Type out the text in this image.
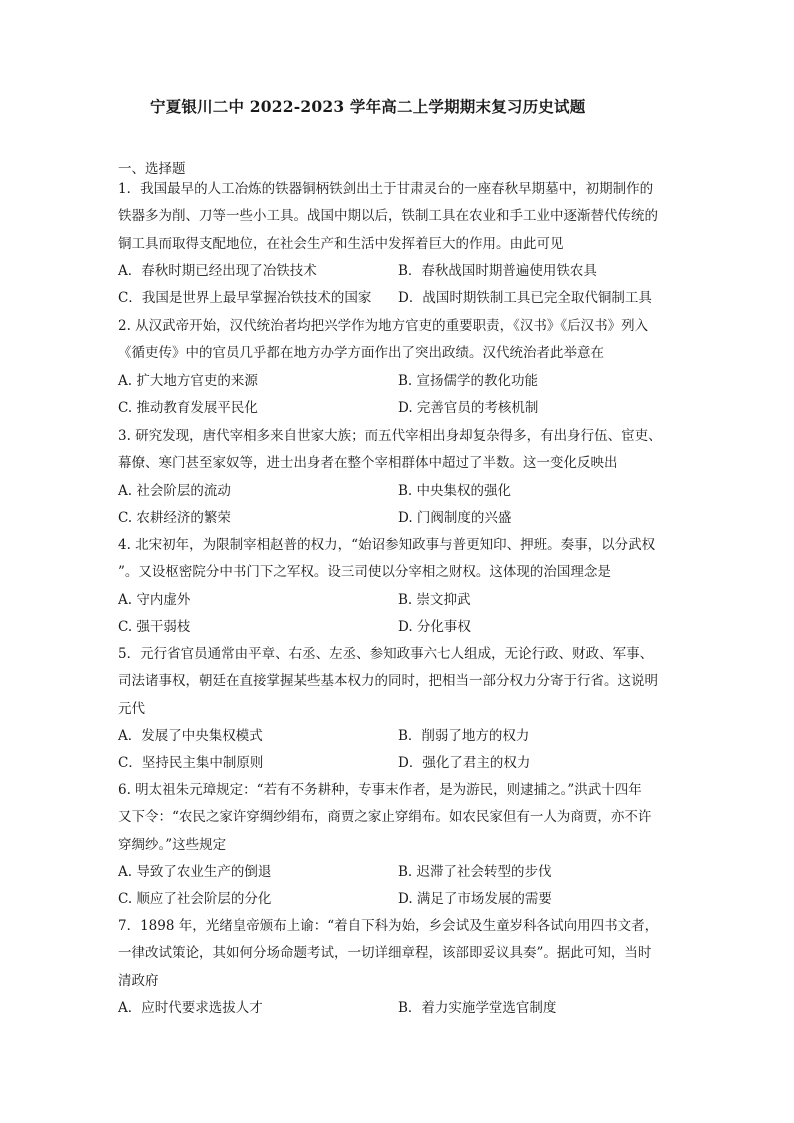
宁夏银川二中 2022-2023 学年高二上学期期末复习历史试题
一、选择题
1．我国最早的人工冶炼的铁器铜柄铁剑出土于甘肃灵台的一座春秋早期墓中，初期制作的
铁器多为削、刀等一些小工具。战国中期以后，铁制工具在农业和手工业中逐渐替代传统的
铜工具而取得支配地位，在社会生产和生活中发挥着巨大的作用。由此可见
A．春秋时期已经出现了冶铁技术	B．春秋战国时期普遍使用铁农具
C．我国是世界上最早掌握冶铁技术的国家	D．战国时期铁制工具已完全取代铜制工具
2. 从汉武帝开始，汉代统治者均把兴学作为地方官吏的重要职责，《汉书》《后汉书》列入
《循吏传》中的官员几乎都在地方办学方面作出了突出政绩。汉代统治者此举意在
A. 扩大地方官吏的来源	B. 宣扬儒学的教化功能
C. 推动教育发展平民化	D. 完善官员的考核机制
3. 研究发现，唐代宰相多来自世家大族；而五代宰相出身却复杂得多，有出身行伍、宦吏、
幕僚、寒门甚至家奴等，进士出身者在整个宰相群体中超过了半数。这一变化反映出
A. 社会阶层的流动	B. 中央集权的强化
C. 农耕经济的繁荣	D. 门阀制度的兴盛
4. 北宋初年，为限制宰相赵普的权力，“始诏参知政事与普更知印、押班。奏事，以分武权
”。又设枢密院分中书门下之军权。设三司使以分宰相之财权。这体现的治国理念是
A. 守内虚外	B. 崇文抑武
C. 强干弱枝	D. 分化事权
5．元行省官员通常由平章、右丞、左丞、参知政事六七人组成，无论行政、财政、军事、
司法诸事权，朝廷在直接掌握某些基本权力的同时，把相当一部分权力分寄于行省。这说明
元代
A．发展了中央集权模式	B．削弱了地方的权力
C．坚持民主集中制原则	D．强化了君主的权力
6. 明太祖朱元璋规定：“若有不务耕种，专事末作者，是为游民，则逮捕之。”洪武十四年
又下令：“农民之家许穿绸纱绢布，商贾之家止穿绢布。如农民家但有一人为商贾，亦不许
穿绸纱。”这些规定
A. 导致了农业生产的倒退	B. 迟滞了社会转型的步伐
C. 顺应了社会阶层的分化	D. 满足了市场发展的需要
7．1898 年，光绪皇帝颁布上谕：“着自下科为始，乡会试及生童岁科各试向用四书文者，
一律改试策论，其如何分场命题考试，一切详细章程，该部即妥议具奏”。据此可知，当时
清政府
A．应时代要求选拔人才	B．着力实施学堂选官制度
